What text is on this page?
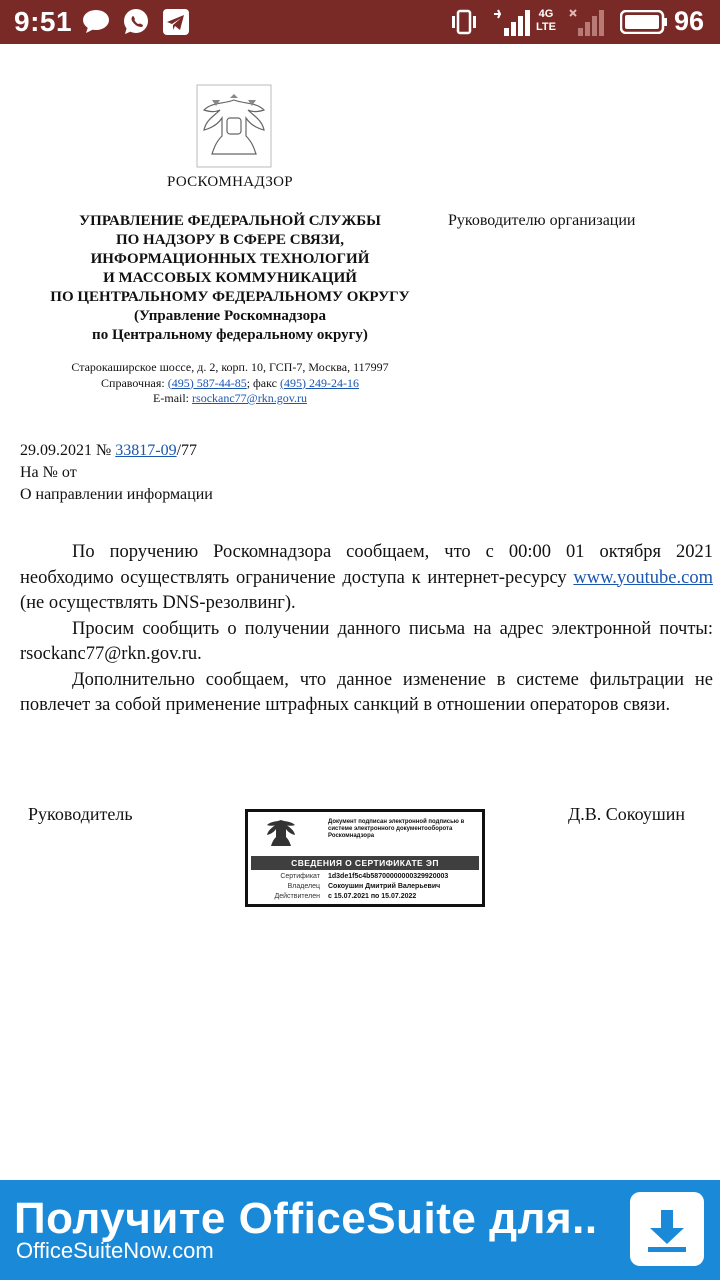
9:51	4G
LTE	96
РОСКОМНАДЗОР
УПРАВЛЕНИЕ ФЕДЕРАЛЬНОЙ СЛУЖБЫ
ПО НАДЗОРУ В СФЕРЕ СВЯЗИ,
ИНФОРМАЦИОННЫХ ТЕХНОЛОГИЙ
И МАССОВЫХ КОММУНИКАЦИЙ
ПО ЦЕНТРАЛЬНОМУ ФЕДЕРАЛЬНОМУ ОКРУГУ
(Управление Роскомнадзора
по Центральному федеральному округу)
Руководителю организации
Старокаширское шоссе, д. 2, корп. 10, ГСП-7, Москва, 117997
Справочная: (495) 587-44-85; факс (495) 249-24-16
E-mail: rsockanc77@rkn.gov.ru
29.09.2021 № 33817-09/77
На № от
О направлении информации

По поручению Роскомнадзора сообщаем, что с 00:00 01 октября 2021 необходимо осуществлять ограничение доступа к интернет-ресурсу www.youtube.com (не осуществлять DNS-резолвинг).

Просим сообщить о получении данного письма на адрес электронной почты: rsockanc77@rkn.gov.ru.

Дополнительно сообщаем, что данное изменение в системе фильтрации не повлечет за собой применение штрафных санкций в отношении операторов связи.

Руководитель	Д.В. Сокоушин
Документ подписан электронной подписью в системе электронного документооборота Роскомнадзора
СВЕДЕНИЯ О СЕРТИФИКАТЕ ЭП
Сертификат 1d3de1f5c4b58700000000329920003
Владелец Сокоушин Дмитрий Валерьевич
Действителен с 15.07.2021 по 15.07.2022
Получите OfficeSuite для..
OfficeSuiteNow.com
